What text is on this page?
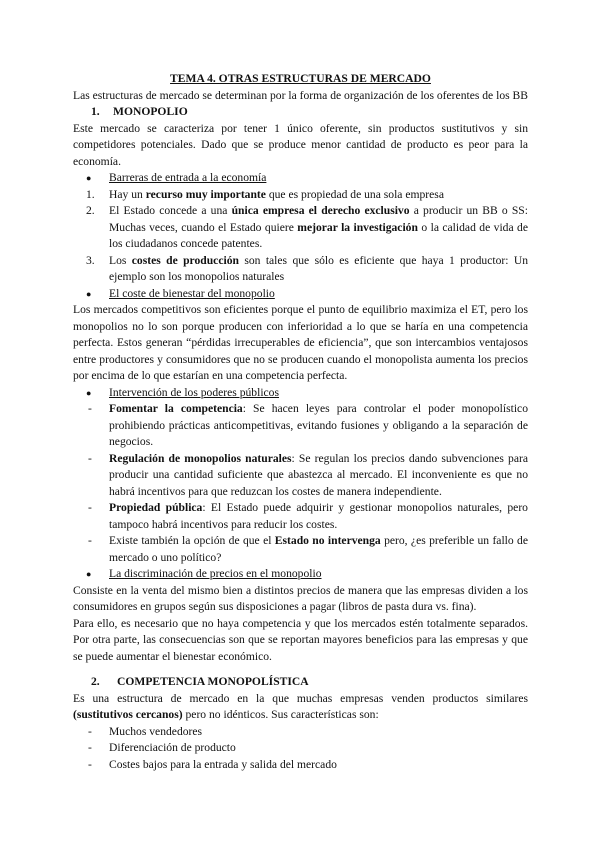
TEMA 4. OTRAS ESTRUCTURAS DE MERCADO

Las estructuras de mercado se determinan por la forma de organización de los oferentes de los BB

1. MONOPOLIO

Este mercado se caracteriza por tener 1 único oferente, sin productos sustitutivos y sin competidores potenciales. Dado que se produce menor cantidad de producto es peor para la economía.

●	Barreras de entrada a la economía
1.	Hay un recurso muy importante que es propiedad de una sola empresa
2.	El Estado concede a una única empresa el derecho exclusivo a producir un BB o SS: Muchas veces, cuando el Estado quiere mejorar la investigación o la calidad de vida de los ciudadanos concede patentes.
3.	Los costes de producción son tales que sólo es eficiente que haya 1 productor: Un ejemplo son los monopolios naturales
●	El coste de bienestar del monopolio

Los mercados competitivos son eficientes porque el punto de equilibrio maximiza el ET, pero los monopolios no lo son porque producen con inferioridad a lo que se haría en una competencia perfecta. Estos generan “pérdidas irrecuperables de eficiencia”, que son intercambios ventajosos entre productores y consumidores que no se producen cuando el monopolista aumenta los precios por encima de lo que estarían en una competencia perfecta.

●	Intervención de los poderes públicos
-	Fomentar la competencia: Se hacen leyes para controlar el poder monopolístico prohibiendo prácticas anticompetitivas, evitando fusiones y obligando a la separación de negocios.
-	Regulación de monopolios naturales: Se regulan los precios dando subvenciones para producir una cantidad suficiente que abastezca al mercado. El inconveniente es que no habrá incentivos para que reduzcan los costes de manera independiente.
-	Propiedad pública: El Estado puede adquirir y gestionar monopolios naturales, pero tampoco habrá incentivos para reducir los costes.
-	Existe también la opción de que el Estado no intervenga pero, ¿es preferible un fallo de mercado o uno político?
●	La discriminación de precios en el monopolio

Consiste en la venta del mismo bien a distintos precios de manera que las empresas dividen a los consumidores en grupos según sus disposiciones a pagar (libros de pasta dura vs. fina).

Para ello, es necesario que no haya competencia y que los mercados estén totalmente separados. Por otra parte, las consecuencias son que se reportan mayores beneficios para las empresas y que se puede aumentar el bienestar económico.

2. COMPETENCIA MONOPOLÍSTICA

Es una estructura de mercado en la que muchas empresas venden productos similares (sustitutivos cercanos) pero no idénticos. Sus características son:

-	Muchos vendedores
-	Diferenciación de producto
-	Costes bajos para la entrada y salida del mercado
